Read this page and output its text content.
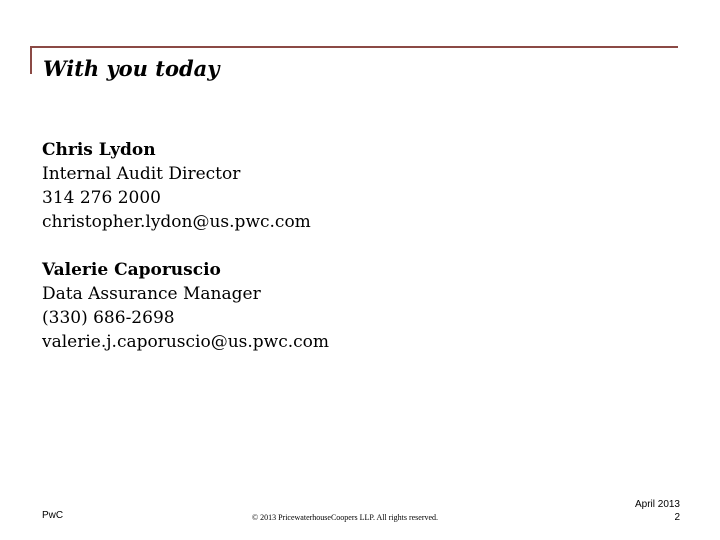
With you today
Chris Lydon
Internal Audit Director
314 276 2000
christopher.lydon@us.pwc.com
Valerie Caporuscio
Data Assurance Manager
(330) 686-2698
valerie.j.caporuscio@us.pwc.com
PwC	© 2013 PricewaterhouseCoopers LLP. All rights reserved.
April 2013
2
